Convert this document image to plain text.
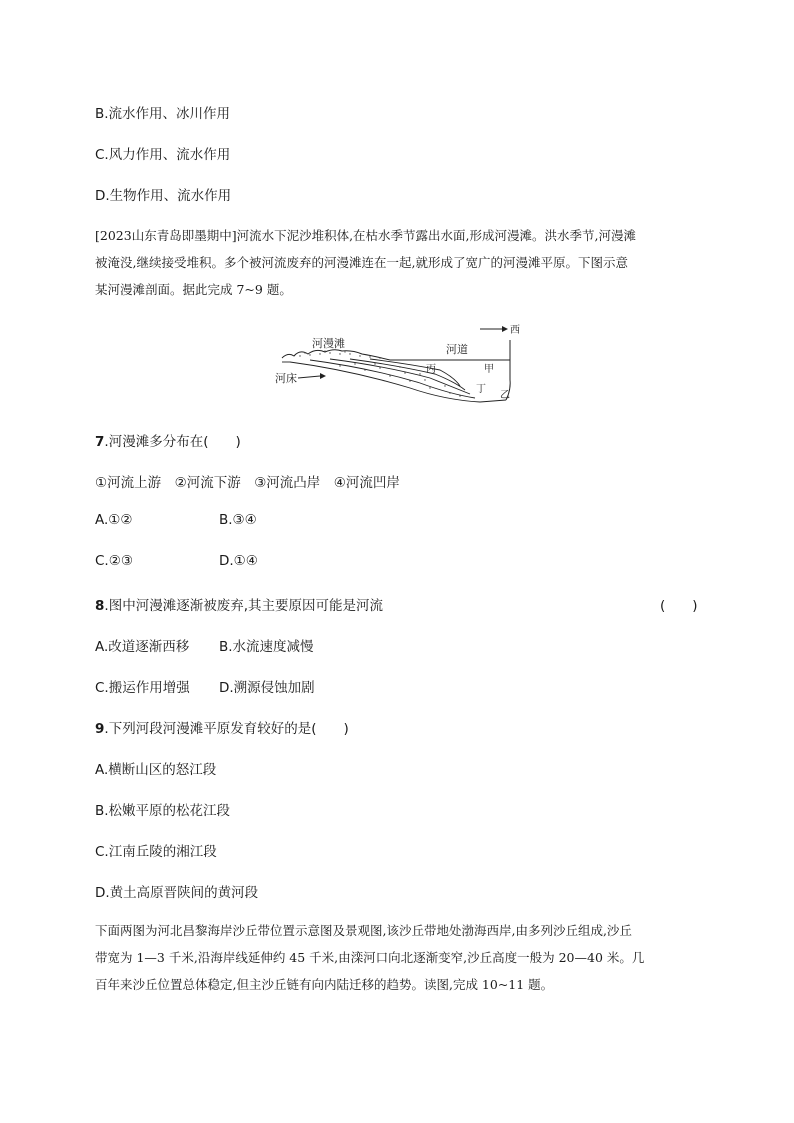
B.流水作用、冰川作用
C.风力作用、流水作用
D.生物作用、流水作用
[2023山东青岛即墨期中]河流水下泥沙堆积体,在枯水季节露出水面,形成河漫滩。洪水季节,河漫滩
被淹没,继续接受堆积。多个被河流废弃的河漫滩连在一起,就形成了宽广的河漫滩平原。下图示意
某河漫滩剖面。据此完成 7~9 题。
西
河漫滩	河道
河床
丙	甲
丁
乙
7.河漫滩多分布在(　　)
①河流上游　②河流下游　③河流凸岸　④河流凹岸
A.①②	B.③④
C.②③	D.①④
8.图中河漫滩逐渐被废弃,其主要原因可能是河流	(　　)
A.改道逐渐西移 B.水流速度减慢
C.搬运作用增强 D.溯源侵蚀加剧
9.下列河段河漫滩平原发育较好的是(　　)
A.横断山区的怒江段
B.松嫩平原的松花江段
C.江南丘陵的湘江段
D.黄土高原晋陕间的黄河段
下面两图为河北昌黎海岸沙丘带位置示意图及景观图,该沙丘带地处渤海西岸,由多列沙丘组成,沙丘
带宽为 1—3 千米,沿海岸线延伸约 45 千米,由滦河口向北逐渐变窄,沙丘高度一般为 20—40 米。几
百年来沙丘位置总体稳定,但主沙丘链有向内陆迁移的趋势。读图,完成 10~11 题。
